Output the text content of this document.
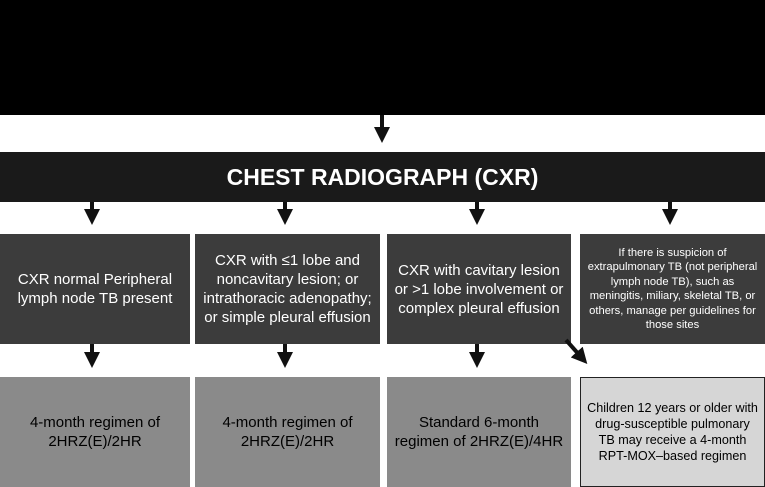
CHILD AGE 3 MONTHS TO <16 YEARS
• Clinically diagnosed or confirmed TB, regardless of symptoms
• Respiratory smear negative, if done
• No drug-resistance suspected
CHEST RADIOGRAPH (CXR)
CXR normal Peripheral lymph node TB present
CXR with ≤1 lobe and noncavitary lesion; or intrathoracic adenopathy; or simple pleural effusion
CXR with cavitary lesion or >1 lobe involvement or complex pleural effusion
If there is suspicion of extrapulmonary TB (not peripheral lymph node TB), such as meningitis, miliary, skeletal TB, or others, manage per guidelines for those sites
4-month regimen of 2HRZ(E)/2HR
4-month regimen of 2HRZ(E)/2HR
Standard 6-month regimen of 2HRZ(E)/4HR
Children 12 years or older with drug-susceptible pulmonary TB may receive a 4-month RPT-MOX–based regimen
